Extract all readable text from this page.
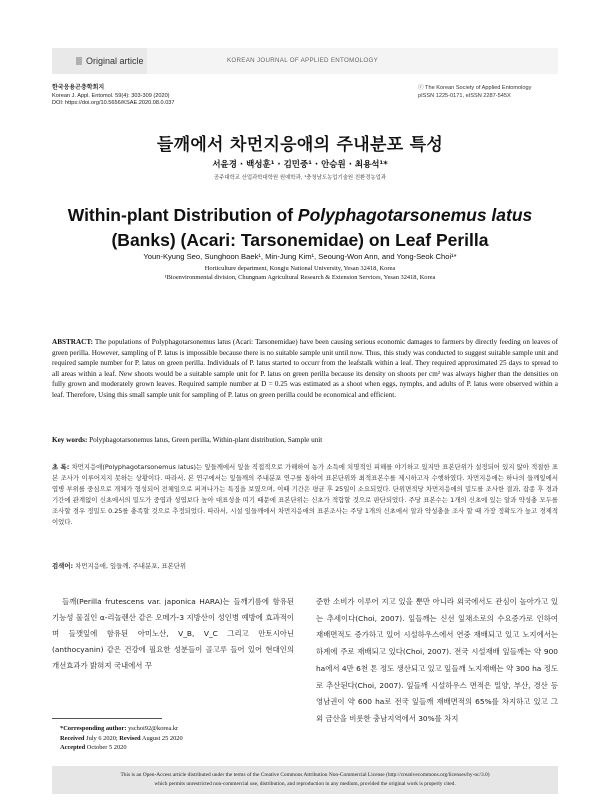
Original article	KOREAN JOURNAL OF APPLIED ENTOMOLOGY
한국응용곤충학회지
Korean J. Appl. Entomol. 59(4): 303-309 (2020)
DOI: https://doi.org/10.5656/KSAE.2020.08.0.037
ⓒ The Korean Society of Applied Entomology
pISSN 1225-0171, eISSN 2287-545X
들깨에서 차먼지응애의 주내분포 특성
서윤경 · 백성훈¹ · 김민중¹ · 안승원 · 최용석¹*
공주대학교 산업과학대학원 원예학과, ¹충청남도농업기술원 친환경농업과
Within-plant Distribution of Polyphagotarsonemus latus (Banks) (Acari: Tarsonemidae) on Leaf Perilla
Youn-Kyung Seo, Sunghoon Baek¹, Min-Jung Kim¹, Seoung-Won Ann, and Yong-Seok Choi¹*
Horticulture department, Kongju National University, Yesan 32418, Korea
¹Bioenvironmental division, Chungnam Agricultural Research & Extension Services, Yesan 32418, Korea
ABSTRACT: The populations of Polyphagotarsonemus latus (Acari: Tarsonemidae) have been causing serious economic damages to farmers by directly feeding on leaves of green perilla. However, sampling of P. latus is impossible because there is no suitable sample unit until now. Thus, this study was conducted to suggest suitable sample unit and required sample number for P. latus on green perilla. Individuals of P. latus started to occurr from the leafstalk within a leaf. They required approximated 25 days to spread to all areas within a leaf. New shoots would be a suitable sample unit for P. latus on green perilla because its density on shoots per cm² was always higher than the densities on fully grown and moderately grown leaves. Required sample number at D = 0.25 was estimated as a shoot when eggs, nymphs, and adults of P. latus were observed within a leaf. Therefore, Using this small sample unit for sampling of P. latus on green perilla could be economical and efficient.
Key words: Polyphagotarsonemus latus, Green perilla, Within-plant distribution, Sample unit
초 록: 차먼지응애(Polyphagotarsonemus latus)는 잎들깨에서 잎을 직접적으로 가해하여 농가 소득에 치명적인 피해를 야기하고 있지만 표본단위가 설정되어 있지 않아 적절한 표본 조사가 이루어지지 못하는 상황이다. 따라서, 본 연구에서는 잎들깨의 주내분포 연구를 통하여 표본단위와 최적표본수를 제시하고자 수행하였다. 차먼지응애는 하나의 들깨잎에서 엽병 부위를 중심으로 개체가 형성되어 전체잎으로 퍼져나가는 특징을 보였으며, 이때 기간은 평균 후 25일이 소요되었다. 단위면적당 차먼지응애의 밀도를 조사한 결과, 잡종 후 경과 기간에 관계없이 신초에서의 밀도가 중엽과 성엽보다 높아 대표성을 띠기 때문에 표본단위는 신초가 적합할 것으로 판단되었다. 주당 표본수는 1개의 신초에 있는 알과 약성충 모두를 조사할 경우 정밀도 0.25를 충족할 것으로 추정되었다. 따라서, 시설 잎들깨에서 차먼지응애의 표본조사는 주당 1개의 신초에서 알과 약성충을 조사 할 때 가장 정확도가 높고 경제적이었다.
검색어: 차먼지응애, 잎들깨, 주내분포, 표본단위
들깨(Perilla frutescens var. japonica HARA)는 들깨기름에 함유된 기능성 물질인 α-리놀렌산 같은 오메가-3 지방산이 성인병 예방에 효과적이며 들깻잎에 함유된 아미노산, V_B, V_C 그리고 안토시아닌(anthocyanin) 같은 건강에 필요한 성분들이 골고루 들어 있어 현대인의 개선효과가 밝혀져 국내에서 꾸
준한 소비가 이루어 지고 있을 뿐만 아니라 외국에서도 관심이 높아가고 있는 추세이다(Choi, 2007). 잎들깨는 신선 잎채소로의 수요증가로 인하여 재배면적도 증가하고 있어 시설하우스에서 연중 재배되고 있고 노지에서는 하계에 주로 재배되고 있다(Choi, 2007). 전국 시설재배 잎들깨는 약 900 ha에서 4만 6천 톤 정도 생산되고 있고 잎들깨 노지재배는 약 300 ha 정도로 추산된다(Choi, 2007). 잎들깨 시설하우스 면적은 밀양, 부산, 경산 등 영남권이 약 600 ha로 전국 잎들깨 재배면적의 65%를 차지하고 있고 그 외 금산을 비롯한 충남지역에서 30%를 차지
*Corresponding author: yschoi92@korea.kr
Received July 6 2020; Revised August 25 2020
Accepted October 5 2020
This is an Open-Access article distributed under the terms of the Creative Commons Attribution Non-Commercial License (http://creativecommons.org/licenses/by-nc/3.0)
which permits unrestricted non-commercial use, distribution, and reproduction in any medium, provided the original work is properly cited.
